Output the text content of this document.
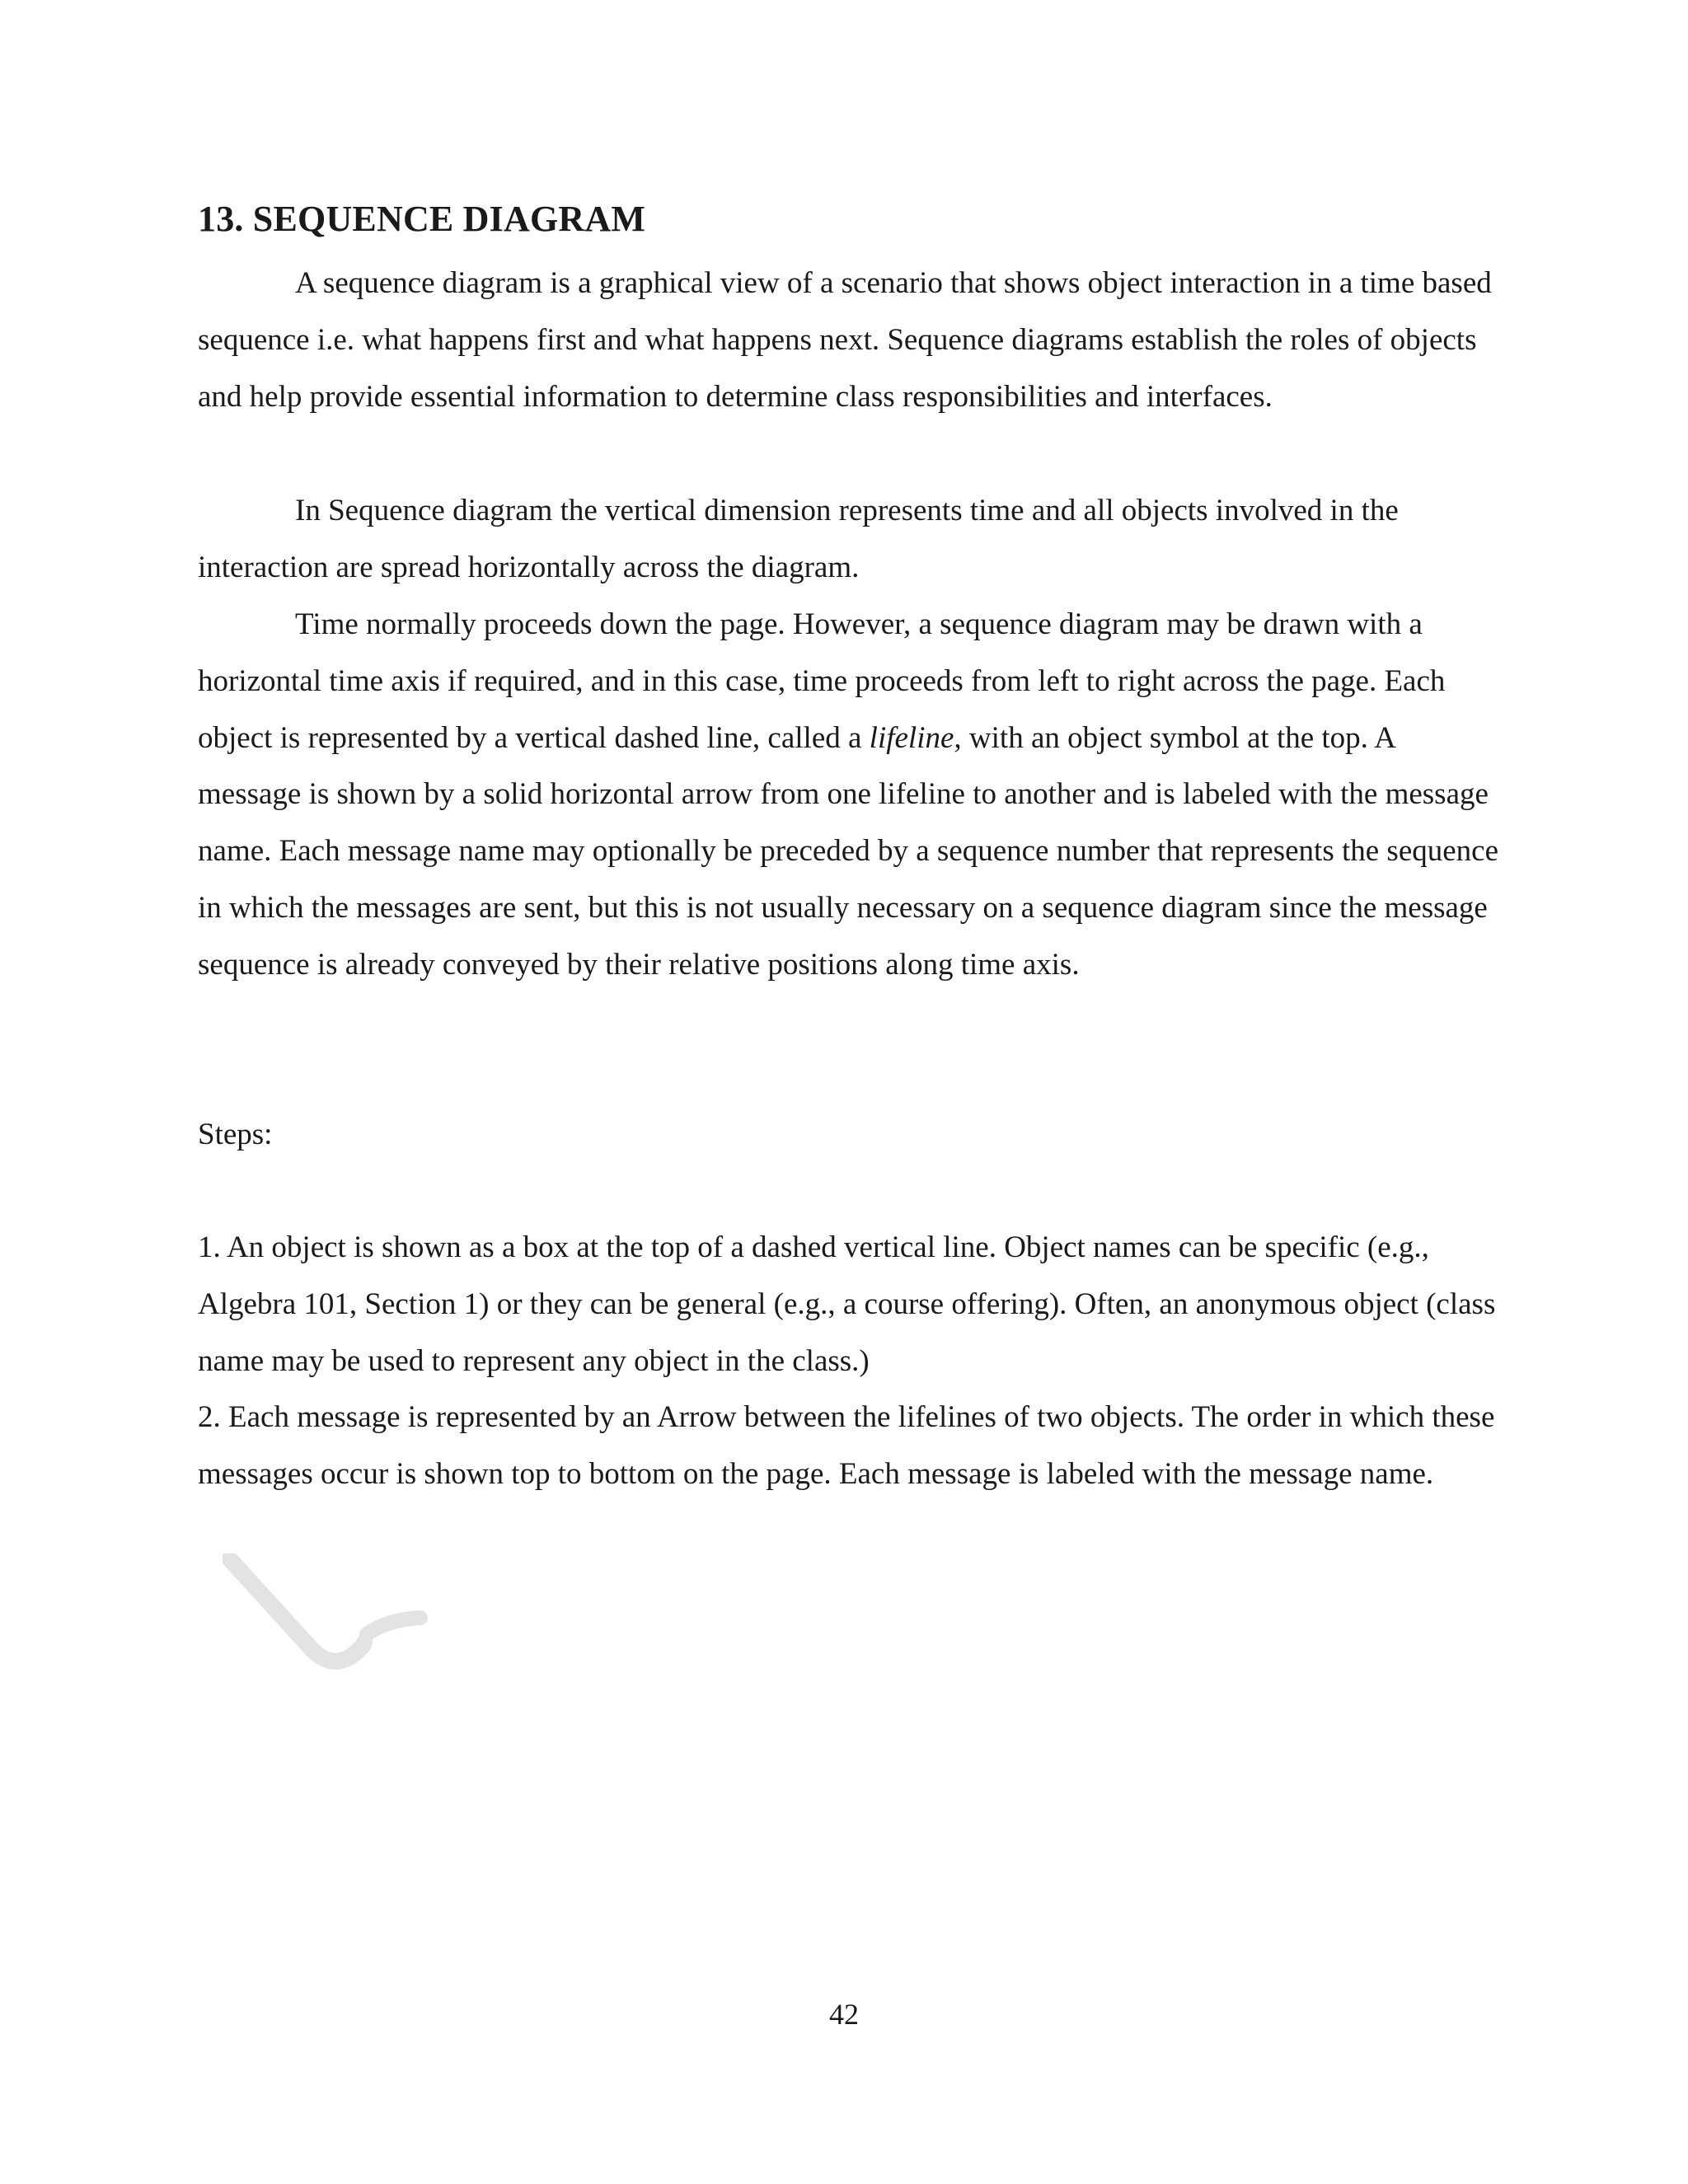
13. SEQUENCE DIAGRAM

A sequence diagram is a graphical view of a scenario that shows object interaction in a time based sequence i.e. what happens first and what happens next. Sequence diagrams establish the roles of objects and help provide essential information to determine class responsibilities and interfaces.

In Sequence diagram the vertical dimension represents time and all objects involved in the interaction are spread horizontally across the diagram.

Time normally proceeds down the page. However, a sequence diagram may be drawn with a horizontal time axis if required, and in this case, time proceeds from left to right across the page. Each object is represented by a vertical dashed line, called a lifeline, with an object symbol at the top. A message is shown by a solid horizontal arrow from one lifeline to another and is labeled with the message name. Each message name may optionally be preceded by a sequence number that represents the sequence in which the messages are sent, but this is not usually necessary on a sequence diagram since the message sequence is already conveyed by their relative positions along time axis.

Steps:

1. An object is shown as a box at the top of a dashed vertical line. Object names can be specific (e.g., Algebra 101, Section 1) or they can be general (e.g., a course offering). Often, an anonymous object (class name may be used to represent any object in the class.)

2. Each message is represented by an Arrow between the lifelines of two objects. The order in which these messages occur is shown top to bottom on the page. Each message is labeled with the message name.

42
